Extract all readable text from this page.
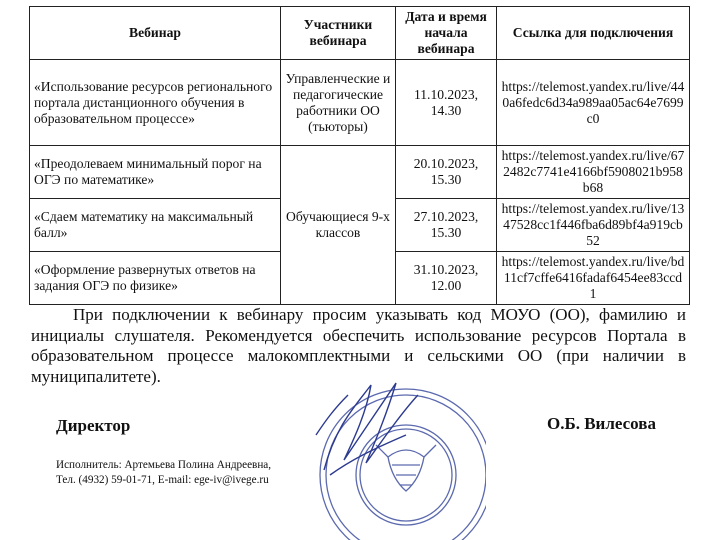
Вебинар	Участники вебинара	Дата и время начала вебинара	Ссылка для подключения
«Использование ресурсов регионального портала дистанционного обучения в образовательном процессе»	Управленческие и педагогические работники ОО (тьюторы)	11.10.2023, 14.30	https://telemost.yandex.ru/live/440a6fedc6d34a989aa05ac64e7699c0
«Преодолеваем минимальный порог на ОГЭ по математике»	Обучающиеся 9-х классов	20.10.2023, 15.30	https://telemost.yandex.ru/live/672482c7741e4166bf5908021b958b68
«Сдаем математику на максимальный балл»		27.10.2023, 15.30	https://telemost.yandex.ru/live/1347528cc1f446fba6d89bf4a919cb52
«Оформление развернутых ответов на задания ОГЭ по физике»		31.10.2023, 12.00	https://telemost.yandex.ru/live/bd11cf7cffe6416fadaf6454ee83ccd1

При подключении к вебинару просим указывать код МОУО (ОО), фамилию и инициалы слушателя. Рекомендуется обеспечить использование ресурсов Портала в образовательном процессе малокомплектными и сельскими ОО (при наличии в муниципалитете).

Директор	О.Б. Вилесова
Исполнитель: Артемьева Полина Андреевна,
Тел. (4932) 59-01-71, E-mail: ege-iv@ivege.ru
